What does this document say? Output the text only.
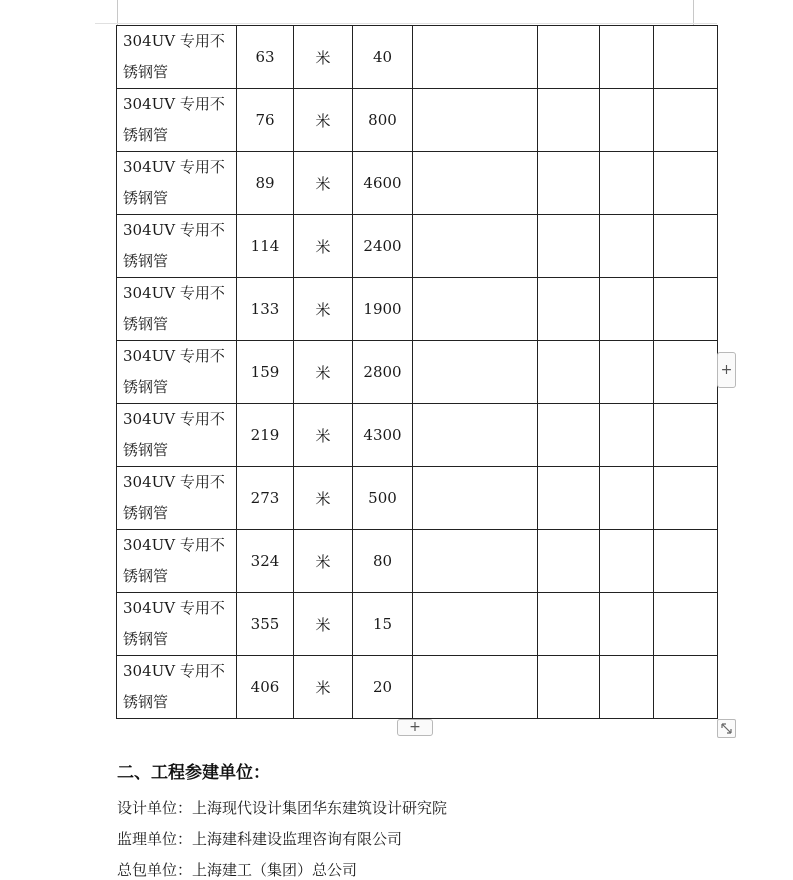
304UV 专用不
锈钢管	63	米	40				

304UV 专用不
锈钢管	76	米	800				

304UV 专用不
锈钢管	89	米	4600				

304UV 专用不
锈钢管	114	米	2400				

304UV 专用不
锈钢管	133	米	1900				

304UV 专用不
锈钢管	159	米	2800				

304UV 专用不
锈钢管	219	米	4300				

304UV 专用不
锈钢管	273	米	500				

304UV 专用不
锈钢管	324	米	80				

304UV 专用不
锈钢管	355	米	15				

304UV 专用不
锈钢管	406	米	20				
+
+
二、工程参建单位：
设计单位：上海现代设计集团华东建筑设计研究院
监理单位：上海建科建设监理咨询有限公司
总包单位：上海建工（集团）总公司
